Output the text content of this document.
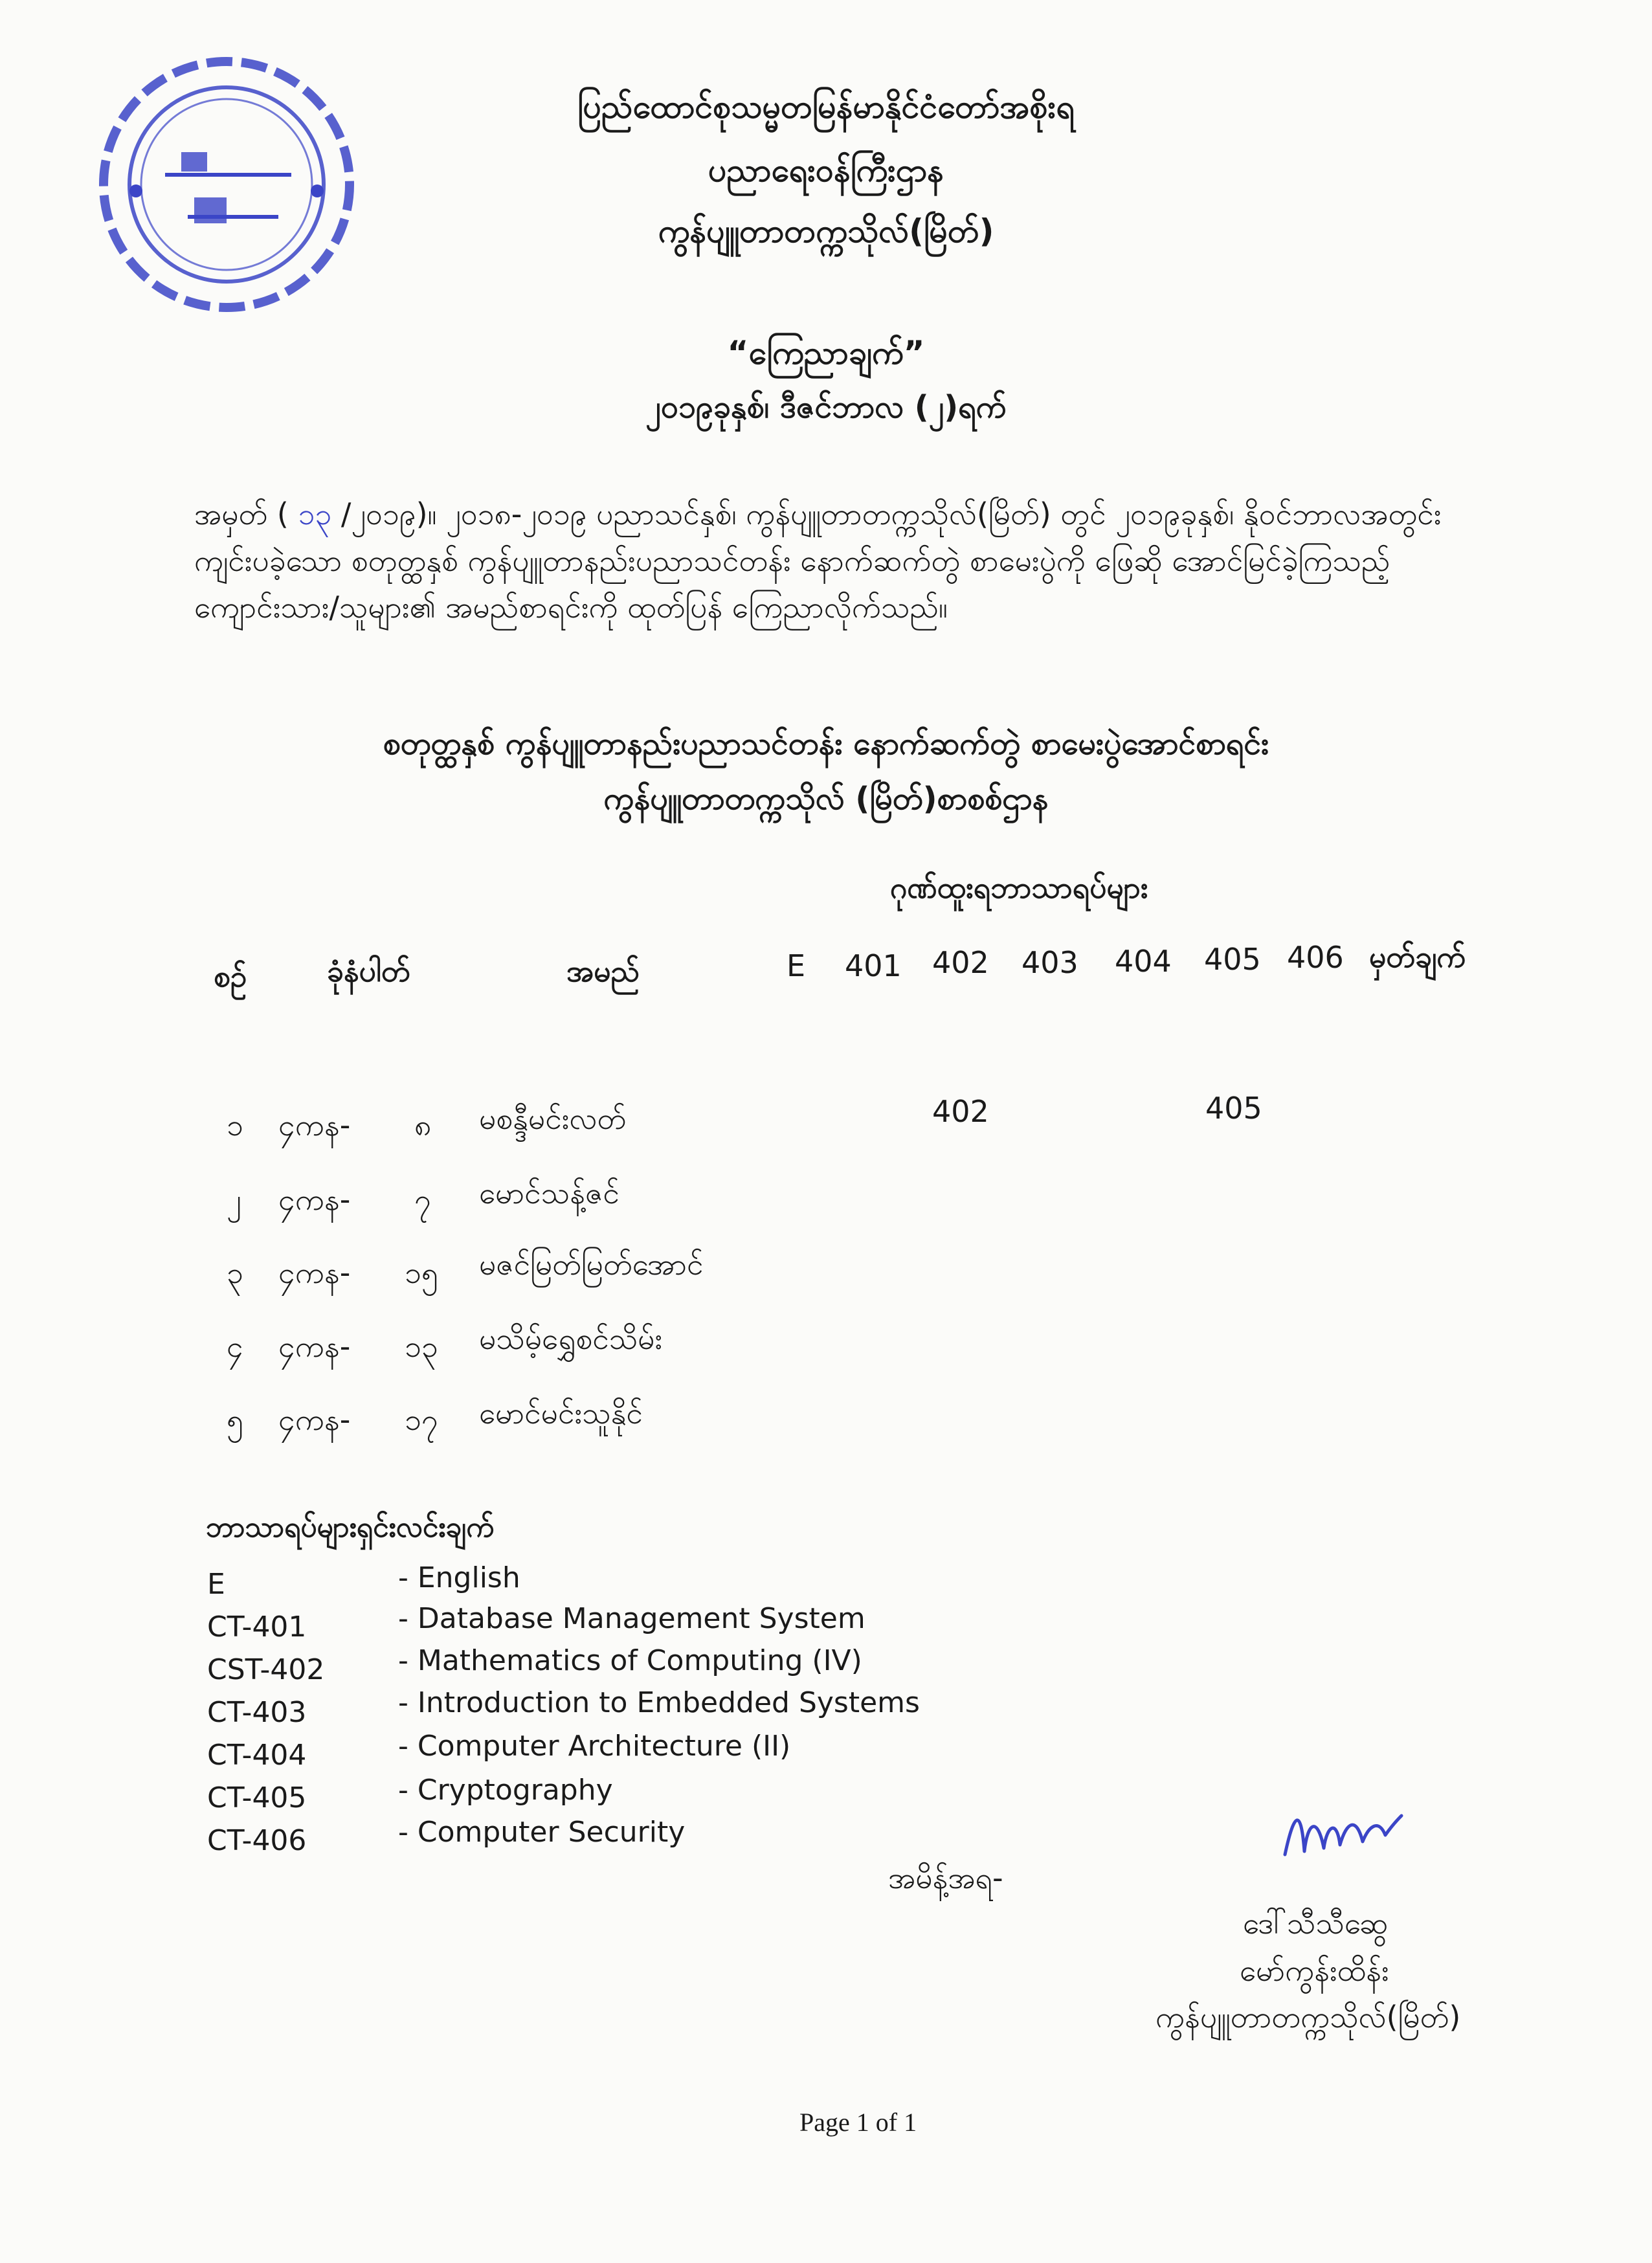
ပြည်ထောင်စုသမ္မတမြန်မာနိုင်ငံတော်အစိုးရ
ပညာရေးဝန်ကြီးဌာန
ကွန်ပျူတာတက္ကသိုလ်(မြိတ်)
“ကြေညာချက်”
၂၀၁၉ခုနှစ်၊ ဒီဇင်ဘာလ (၂)ရက်
အမှတ် ( ၁၃ /၂၀၁၉)။ ၂၀၁၈-၂၀၁၉ ပညာသင်နှစ်၊ ကွန်ပျူတာတက္ကသိုလ်(မြိတ်) တွင် ၂၀၁၉ခုနှစ်၊ နိုဝင်ဘာလအတွင်း ကျင်းပခဲ့သော စတုတ္ထနှစ် ကွန်ပျူတာနည်းပညာသင်တန်း နောက်ဆက်တွဲ စာမေးပွဲကို ဖြေဆို အောင်မြင်ခဲ့ကြသည့် ကျောင်းသား/သူများ၏ အမည်စာရင်းကို ထုတ်ပြန် ကြေညာလိုက်သည်။
စတုတ္ထနှစ် ကွန်ပျူတာနည်းပညာသင်တန်း နောက်ဆက်တွဲ စာမေးပွဲအောင်စာရင်း
ကွန်ပျူတာတက္ကသိုလ် (မြိတ်)စာစစ်ဌာန
ဂုဏ်ထူးရဘာသာရပ်များ
စဥ်	ခုံနံပါတ်	အမည်	E 401 402 403 404 405 406 မှတ်ချက်
၁ ၄ကန- ၈ မစန္ဒီမင်းလတ်	402	405
၂ ၄ကန- ၇ မောင်သန့်ဇင်
၃ ၄ကန- ၁၅ မဇင်မြတ်မြတ်အောင်
၄ ၄ကန- ၁၃ မသိမ့်ရွှေစင်သိမ်း
၅ ၄ကန- ၁၇ မောင်မင်းသူနိုင်
ဘာသာရပ်များရှင်းလင်းချက်
E	- English
CT-401	- Database Management System
CST-402	- Mathematics of Computing (IV)
CT-403	- Introduction to Embedded Systems
CT-404	- Computer Architecture (II)
CT-405	- Cryptography
CT-406	- Computer Security
အမိန့်အရ-
ဒေါ်သီသီဆွေ
မော်ကွန်းထိန်း
ကွန်ပျူတာတက္ကသိုလ်(မြိတ်)
Page 1 of 1
